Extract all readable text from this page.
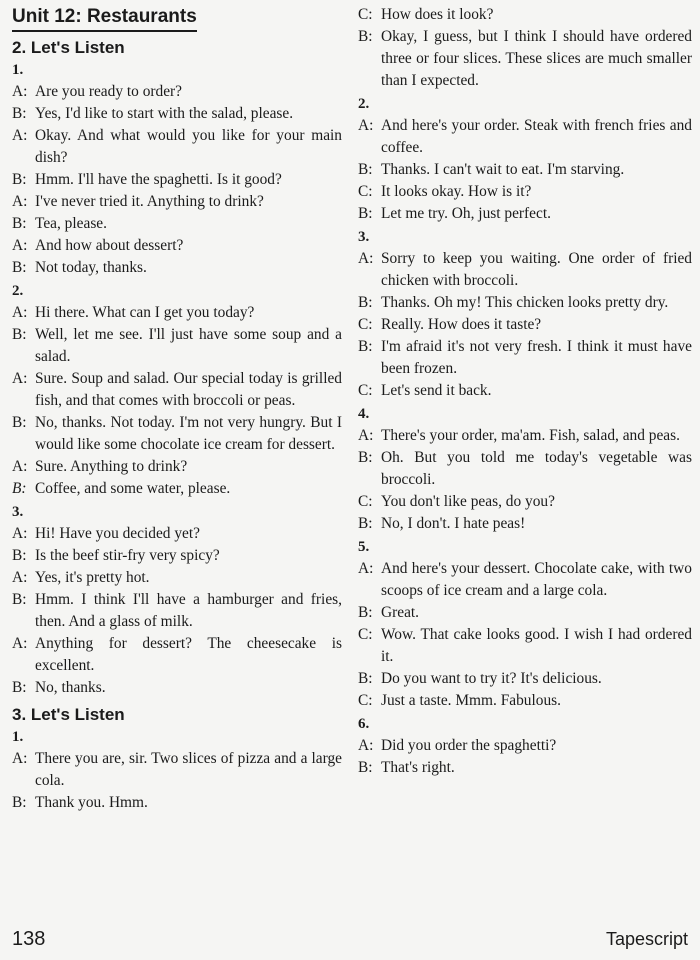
Unit 12: Restaurants
2. Let's Listen
1.
A: Are you ready to order?
B: Yes, I'd like to start with the salad, please.
A: Okay. And what would you like for your main dish?
B: Hmm. I'll have the spaghetti. Is it good?
A: I've never tried it. Anything to drink?
B: Tea, please.
A: And how about dessert?
B: Not today, thanks.
2.
A: Hi there. What can I get you today?
B: Well, let me see. I'll just have some soup and a salad.
A: Sure. Soup and salad. Our special today is grilled fish, and that comes with broccoli or peas.
B: No, thanks. Not today. I'm not very hungry. But I would like some chocolate ice cream for dessert.
A: Sure. Anything to drink?
B: Coffee, and some water, please.
3.
A: Hi! Have you decided yet?
B: Is the beef stir-fry very spicy?
A: Yes, it's pretty hot.
B: Hmm. I think I'll have a hamburger and fries, then. And a glass of milk.
A: Anything for dessert? The cheesecake is excellent.
B: No, thanks.
3. Let's Listen
1.
A: There you are, sir. Two slices of pizza and a large cola.
B: Thank you. Hmm.
C: How does it look?
B: Okay, I guess, but I think I should have ordered three or four slices. These slices are much smaller than I expected.
2.
A: And here's your order. Steak with french fries and coffee.
B: Thanks. I can't wait to eat. I'm starving.
C: It looks okay. How is it?
B: Let me try. Oh, just perfect.
3.
A: Sorry to keep you waiting. One order of fried chicken with broccoli.
B: Thanks. Oh my! This chicken looks pretty dry.
C: Really. How does it taste?
B: I'm afraid it's not very fresh. I think it must have been frozen.
C: Let's send it back.
4.
A: There's your order, ma'am. Fish, salad, and peas.
B: Oh. But you told me today's vegetable was broccoli.
C: You don't like peas, do you?
B: No, I don't. I hate peas!
5.
A: And here's your dessert. Chocolate cake, with two scoops of ice cream and a large cola.
B: Great.
C: Wow. That cake looks good. I wish I had ordered it.
B: Do you want to try it? It's delicious.
C: Just a taste. Mmm. Fabulous.
6.
A: Did you order the spaghetti?
B: That's right.
138	Tapescript
